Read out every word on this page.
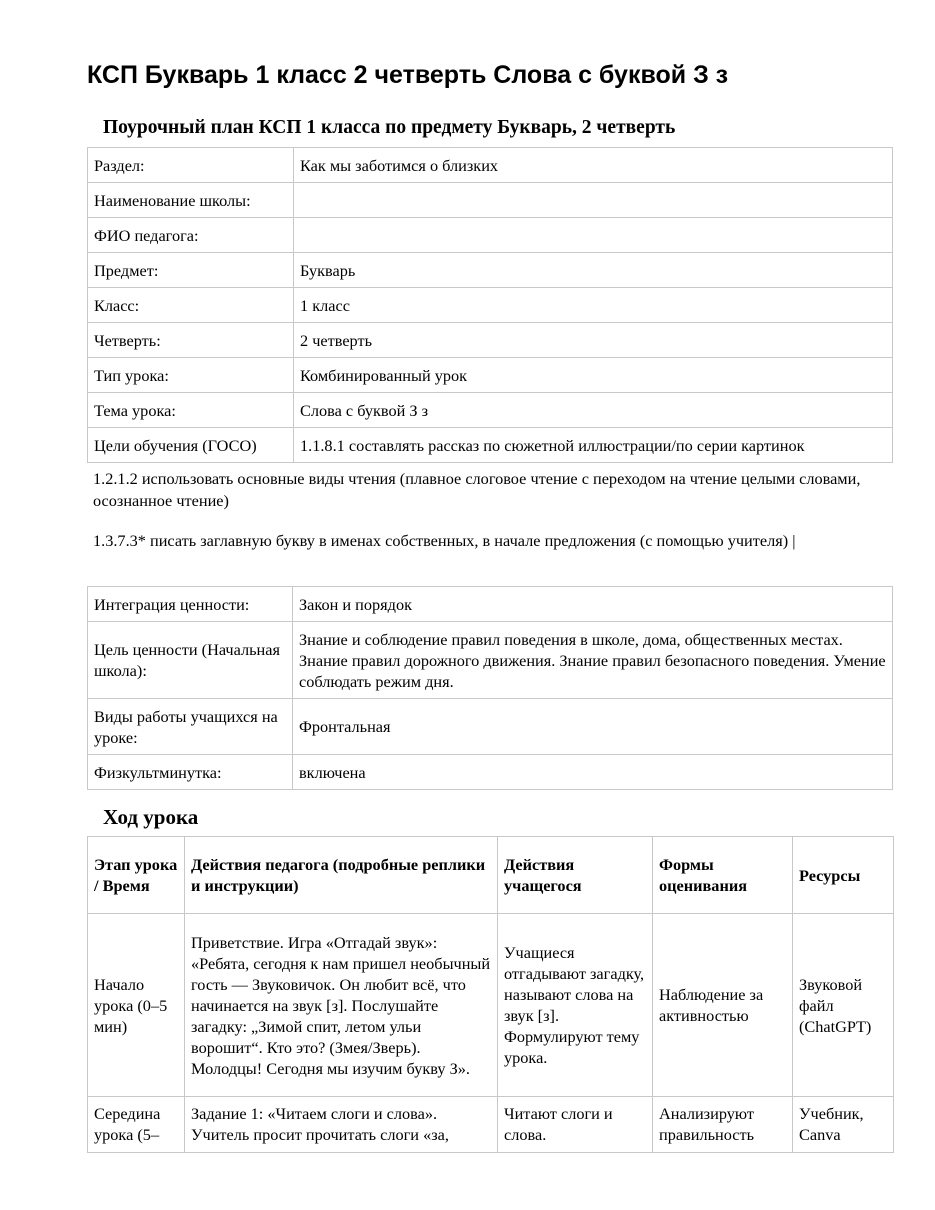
КСП Букварь 1 класс 2 четверть Слова с буквой З з
Поурочный план КСП 1 класса по предмету Букварь, 2 четверть
Раздел:	Как мы заботимся о близких
Наименование школы:	
ФИО педагога:	
Предмет:	Букварь
Класс:	1 класс
Четверть:	2 четверть
Тип урока:	Комбинированный урок
Тема урока:	Слова с буквой З з
Цели обучения (ГОСО)	1.1.8.1 составлять рассказ по сюжетной иллюстрации/по серии картинок
1.2.1.2 использовать основные виды чтения (плавное слоговое чтение с переходом на чтение целыми словами, осознанное чтение)
1.3.7.3* писать заглавную букву в именах собственных, в начале предложения (с помощью учителя) |
Интеграция ценности:	Закон и порядок
Цель ценности (Начальная школа):	Знание и соблюдение правил поведения в школе, дома, общественных местах. Знание правил дорожного движения. Знание правил безопасного поведения. Умение соблюдать режим дня.
Виды работы учащихся на уроке:	Фронтальная
Физкультминутка:	включена
Ход урока
Этап урока / Время	Действия педагога (подробные реплики и инструкции)	Действия учащегося	Формы оценивания	Ресурсы
Начало урока (0–5 мин)	Приветствие. Игра «Отгадай звук»: «Ребята, сегодня к нам пришел необычный гость — Звуковичок. Он любит всё, что начинается на звук [з]. Послушайте загадку: „Зимой спит, летом ульи ворошит“. Кто это? (Змея/Зверь). Молодцы! Сегодня мы изучим букву З».	Учащиеся отгадывают загадку, называют слова на звук [з]. Формулируют тему урока.	Наблюдение за активностью	Звуковой файл (ChatGPT)
Середина урока (5–	Задание 1: «Читаем слоги и слова». Учитель просит прочитать слоги «за,	Читают слоги и слова.	Анализируют правильность	Учебник, Canva
